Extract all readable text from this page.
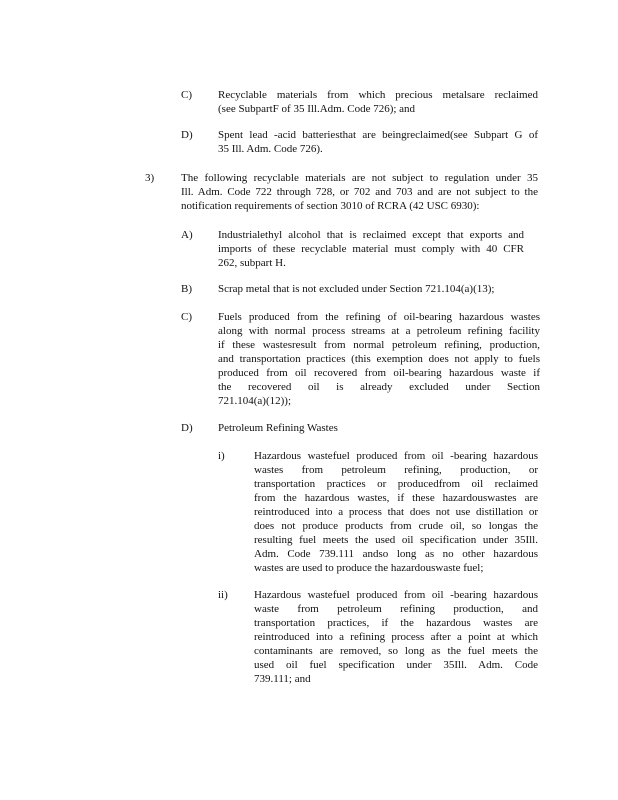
C) Recyclable materials from which precious metalsare reclaimed
(see SubpartF of 35 Ill.Adm. Code 726); and
D) Spent lead -acid batteriesthat are beingreclaimed(see Subpart G of
35 Ill. Adm. Code 726).
3) The following recyclable materials are not subject to regulation under 35
Ill. Adm. Code 722 through 728, or 702 and 703 and are not subject to the
notification requirements of section 3010 of RCRA (42 USC 6930):
A) Industrialethyl alcohol that is reclaimed except that exports and
imports of these recyclable material must comply with 40 CFR
262, subpart H.
B) Scrap metal that is not excluded under Section 721.104(a)(13);
C) Fuels produced from the refining of oil-bearing hazardous wastes
along with normal process streams at a petroleum refining facility
if these wastesresult from normal petroleum refining, production,
and transportation practices (this exemption does not apply to fuels
produced from oil recovered from oil-bearing hazardous waste if
the recovered oil is already excluded under Section
721.104(a)(12));
D) Petroleum Refining Wastes
i)	Hazardous wastefuel produced from oil -bearing hazardous
wastes from petroleum refining, production, or
transportation practices or producedfrom oil reclaimed
from the hazardous wastes, if these hazardouswastes are
reintroduced into a process that does not use distillation or
does not produce products from crude oil, so longas the
resulting fuel meets the used oil specification under 35Ill.
Adm. Code 739.111 andso long as no other hazardous
wastes are used to produce the hazardouswaste fuel;
ii) Hazardous wastefuel produced from oil -bearing hazardous
waste from petroleum refining production, and
transportation practices, if the hazardous wastes are
reintroduced into a refining process after a point at which
contaminants are removed, so long as the fuel meets the
used oil fuel specification under 35Ill. Adm. Code
739.111; and
